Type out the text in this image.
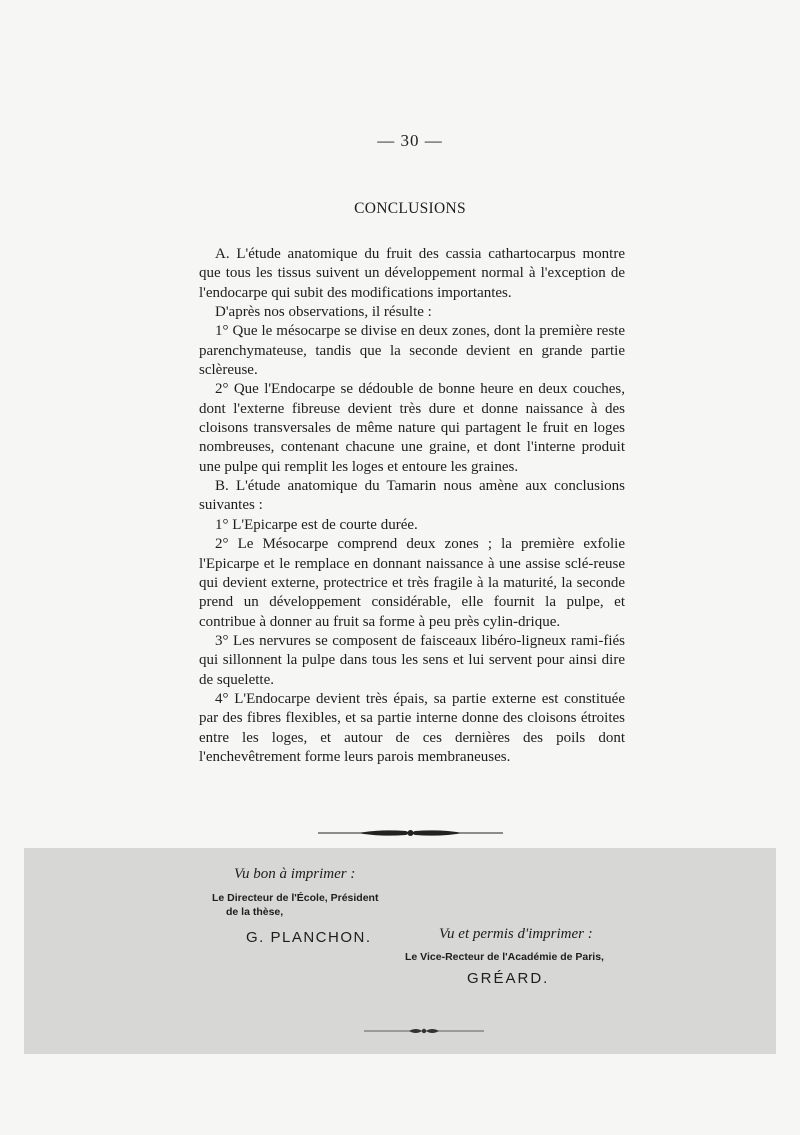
— 30 —
CONCLUSIONS

A. L'étude anatomique du fruit des cassia cathartocarpus montre que tous les tissus suivent un développement normal à l'exception de l'endocarpe qui subit des modifications importantes.

D'après nos observations, il résulte :

1° Que le mésocarpe se divise en deux zones, dont la première reste parenchymateuse, tandis que la seconde devient en grande partie sclèreuse.

2° Que l'Endocarpe se dédouble de bonne heure en deux couches, dont l'externe fibreuse devient très dure et donne naissance à des cloisons transversales de même nature qui partagent le fruit en loges nombreuses, contenant chacune une graine, et dont l'interne produit une pulpe qui remplit les loges et entoure les graines.

B. L'étude anatomique du Tamarin nous amène aux conclusions suivantes :

1° L'Epicarpe est de courte durée.

2° Le Mésocarpe comprend deux zones ; la première exfolie l'Epicarpe et le remplace en donnant naissance à une assise sclé-reuse qui devient externe, protectrice et très fragile à la maturité, la seconde prend un développement considérable, elle fournit la pulpe, et contribue à donner au fruit sa forme à peu près cylin-drique.

3° Les nervures se composent de faisceaux libéro-ligneux rami-fiés qui sillonnent la pulpe dans tous les sens et lui servent pour ainsi dire de squelette.

4° L'Endocarpe devient très épais, sa partie externe est constituée par des fibres flexibles, et sa partie interne donne des cloisons étroites entre les loges, et autour de ces dernières des poils dont l'enchevêtrement forme leurs parois membraneuses.

Vu bon à imprimer :
Le Directeur de l'École, Président
de la thèse,
G. PLANCHON.	Vu et permis d'imprimer :
Le Vice-Recteur de l'Académie de Paris,
GRÉARD.
